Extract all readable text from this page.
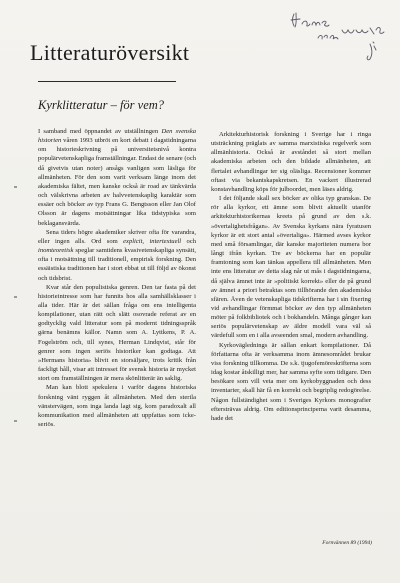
Litteraturöversikt
Kyrklitteratur – för vem?

I samband med öppnandet av utställningen Den svenska historien våren 1993 utbröt en kort debatt i dagstidningarna om historieskrivning på universitetsnivå kontra populärvetenskapliga framställningar. Endast de senare (och då givetvis utan noter) ansågs vanligen som läsliga för allmänheten. För den som varit verksam länge inom det akademiska fältet, men kanske också är road av tänkvärda och välskrivna arbeten av halvvetenskaplig karaktär som essäer och böcker av typ Frans G. Bengtsson eller Jan Olof Olsson är dagens motsättningar lika tidstypiska som beklagansvärda.

Sena tiders högre akademiker skriver ofta för varandra, eller ingen alls. Ord som explicit, intertextuell och inomteoretisk speglar samtidens kvasivetenskapliga synsätt, ofta i motsättning till traditionell, empirisk forskning. Den essäistiska traditionen har i stort ebbat ut till följd av ökonst och tidsbrist.

Kvar står den populistiska genren. Den tar fasta på det historieintresse som har funnits hos alla samhällsklasser i alla tider. Här är det sällan fråga om ens intelligenta kompilationer, utan rätt och slätt osovrade referat av en godtycklig vald litteratur som på modernt tidningsspråk gärna benämns källor. Namn som A. Lyttkens, P. A. Fogelström och, till synes, Herman Lindqvist, står för genrer som ingen seriös historiker kan godtaga. Att »Hermans historia» blivit en storsäljare, trots kritik från fackligt håll, visar att intresset för svensk historia är mycket stort om framställningen är mera skönlitterär än saklig.

Man kan blott spekulera i varför dagens historiska forskning vänt ryggen åt allmänheten. Med den sterila vänstervägen, som inga landa lagt sig, kom paradoxalt all kommunikation med allmänheten att uppfattas som icke-seriös.

Arkitekturhistorisk forskning i Sverige har i ringa utsträckning präglats av samma marxistiska regelverk som allmänhistoria. Också är avståndet så stort mellan akademiska arbeten och den bildade allmänheten, att flertalet avhandlingar ter sig oläsliga. Recensioner kommer oftast via bekantskapskretsen. En vackert illustrerad konstavhandling köps för julboordet, men läses aldrig.

I det följande skall sex böcker av olika typ granskas. De rör alla kyrkor, ett ämne som blivit aktuellt utanför arkitekturhistorikernas kreets på grund av den s.k. »övertalighetsfrågan». Av Svenska kyrkans nära fyratusen kyrkor är ett stort antal »övertaliga». Härmed avses kyrkor med små församlingar, där kanske majoriteten numera bor långt ifrån kyrkan. Tre av böckerna har en populär framtoning som kan tänkas appellera till allmänheten. Men inte ens litteratur av detta slag når ut mås i dagstidningarna, då själva ämnet inte är »politiskt korrekt» eller de på grund av ämnet a priori betraktas som tillhörande den akademiska sfären. Även de vetenskapliga tidskrifterna har i sin fixering vid avhandlingar förmmat böcker av den typ allmänheten möter på folkbibliotek och i bokhandeln. Många gånger kan seriös populärvetenskap av äldre modell vara väl så värdefull som en i alla avseenden smal, modern avhandling.

Kyrkoväglednings är sällan enkart kompilationer. Då författarna ofta är verksamma inom ämnesområdet brukar viss forskning tillkomma. De s.k. tjugofemöreskrifterna som idag kostar åtskilligt mer, har samma syfte som tidigare. Den besökare som vill veta mer om kyrkobyggnaden och dess inventarier, skall här få en korrekt och begriplig redogörelse. Någon fullständighet som i Sveriges Kyrkors monografier eftersträvas aldrig. Om editionsprinciperna varit desamma, hade det

Fornvännen 89 (1994)
